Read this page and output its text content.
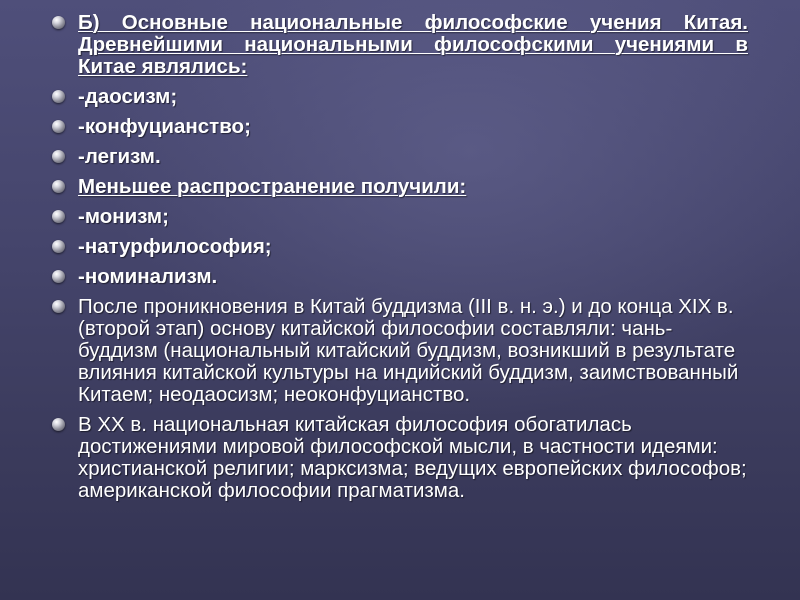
Б) Основные национальные философские учения Китая. Древнейшими национальными философскими учениями в Китае являлись:
-даосизм;
-конфуцианство;
-легизм.
Меньшее распространение получили:
-монизм;
-натурфилософия;
-номинализм.
После проникновения в Китай буддизма (III в. н. э.) и до конца XIX в. (второй этап) основу китайской философии составляли: чань-буддизм (национальный китайский буддизм, возникший в результате влияния китайской культуры на индийский буддизм, заимствованный Китаем; неодаосизм; неоконфуцианство.
В XX в. национальная китайская философия обогатилась достижениями мировой философской мысли, в частности идеями: христианской религии; марксизма; ведущих европейских философов; американской философии прагматизма.
